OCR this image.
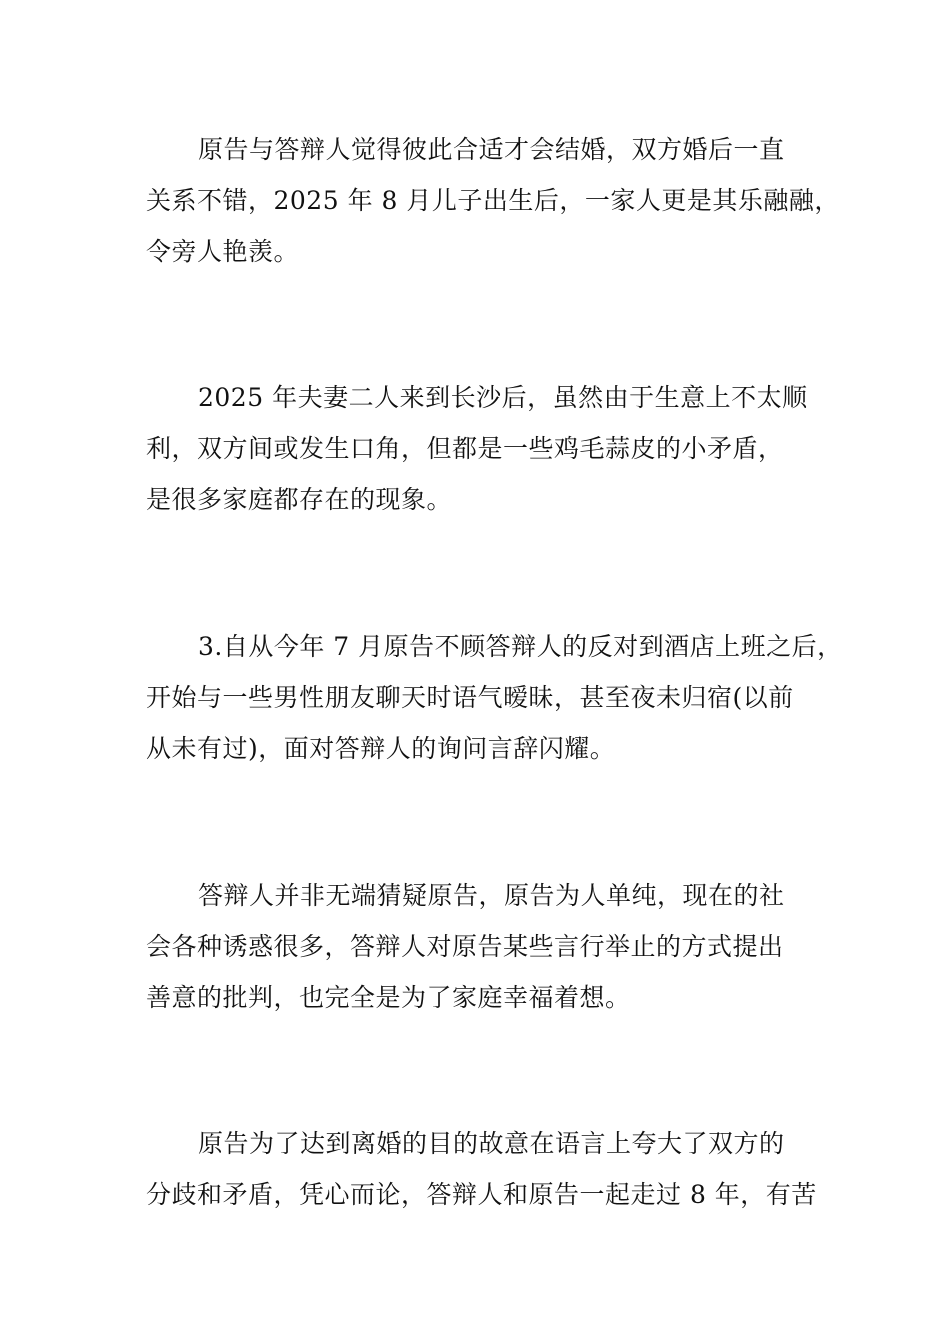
原告与答辩人觉得彼此合适才会结婚，双方婚后一直
关系不错，2025 年 8 月儿子出生后，一家人更是其乐融融，
令旁人艳羡。
2025 年夫妻二人来到长沙后，虽然由于生意上不太顺
利，双方间或发生口角，但都是一些鸡毛蒜皮的小矛盾，
是很多家庭都存在的现象。
3.自从今年 7 月原告不顾答辩人的反对到酒店上班之后，
开始与一些男性朋友聊天时语气暧昧，甚至夜未归宿(以前
从未有过)，面对答辩人的询问言辞闪耀。
答辩人并非无端猜疑原告，原告为人单纯，现在的社
会各种诱惑很多，答辩人对原告某些言行举止的方式提出
善意的批判，也完全是为了家庭幸福着想。
原告为了达到离婚的目的故意在语言上夸大了双方的
分歧和矛盾，凭心而论，答辩人和原告一起走过 8 年，有苦
